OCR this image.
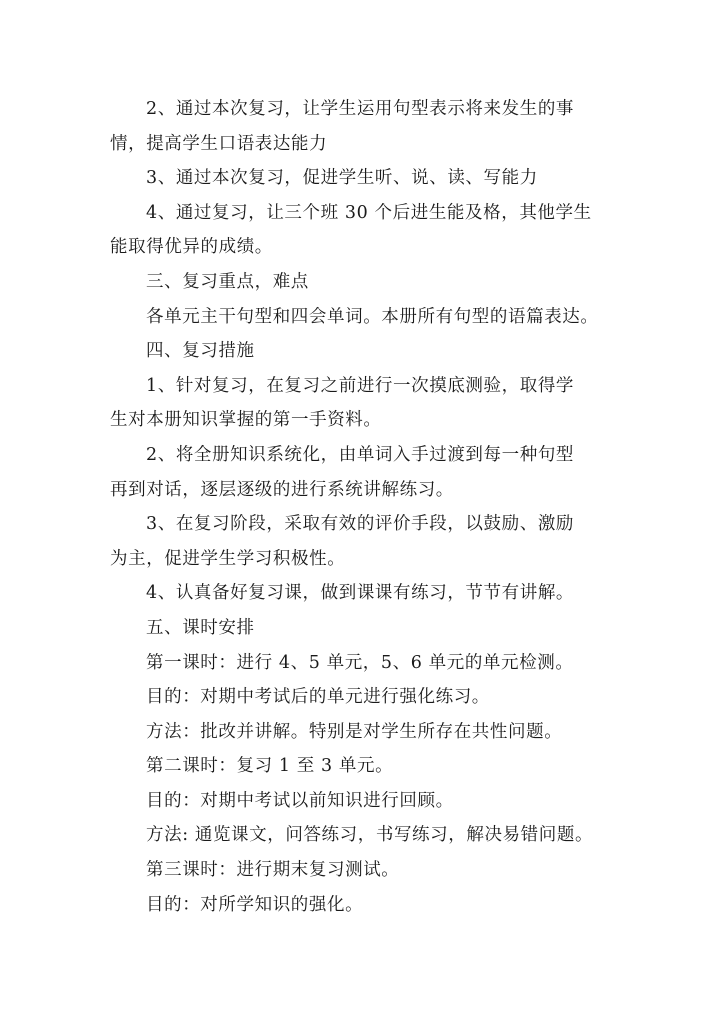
2、通过本次复习，让学生运用句型表示将来发生的事
情，提高学生口语表达能力
3、通过本次复习，促进学生听、说、读、写能力
4、通过复习，让三个班 30 个后进生能及格，其他学生
能取得优异的成绩。
三、复习重点，难点
各单元主干句型和四会单词。本册所有句型的语篇表达。
四、复习措施
1、针对复习，在复习之前进行一次摸底测验，取得学
生对本册知识掌握的第一手资料。
2、将全册知识系统化，由单词入手过渡到每一种句型
再到对话，逐层逐级的进行系统讲解练习。
3、在复习阶段，采取有效的评价手段，以鼓励、激励
为主，促进学生学习积极性。
4、认真备好复习课，做到课课有练习，节节有讲解。
五、课时安排
第一课时：进行 4、5 单元，5、6 单元的单元检测。
目的：对期中考试后的单元进行强化练习。
方法：批改并讲解。特别是对学生所存在共性问题。
第二课时：复习 1 至 3 单元。
目的：对期中考试以前知识进行回顾。
方法: 通览课文，问答练习，书写练习，解决易错问题。
第三课时：进行期末复习测试。
目的：对所学知识的强化。
